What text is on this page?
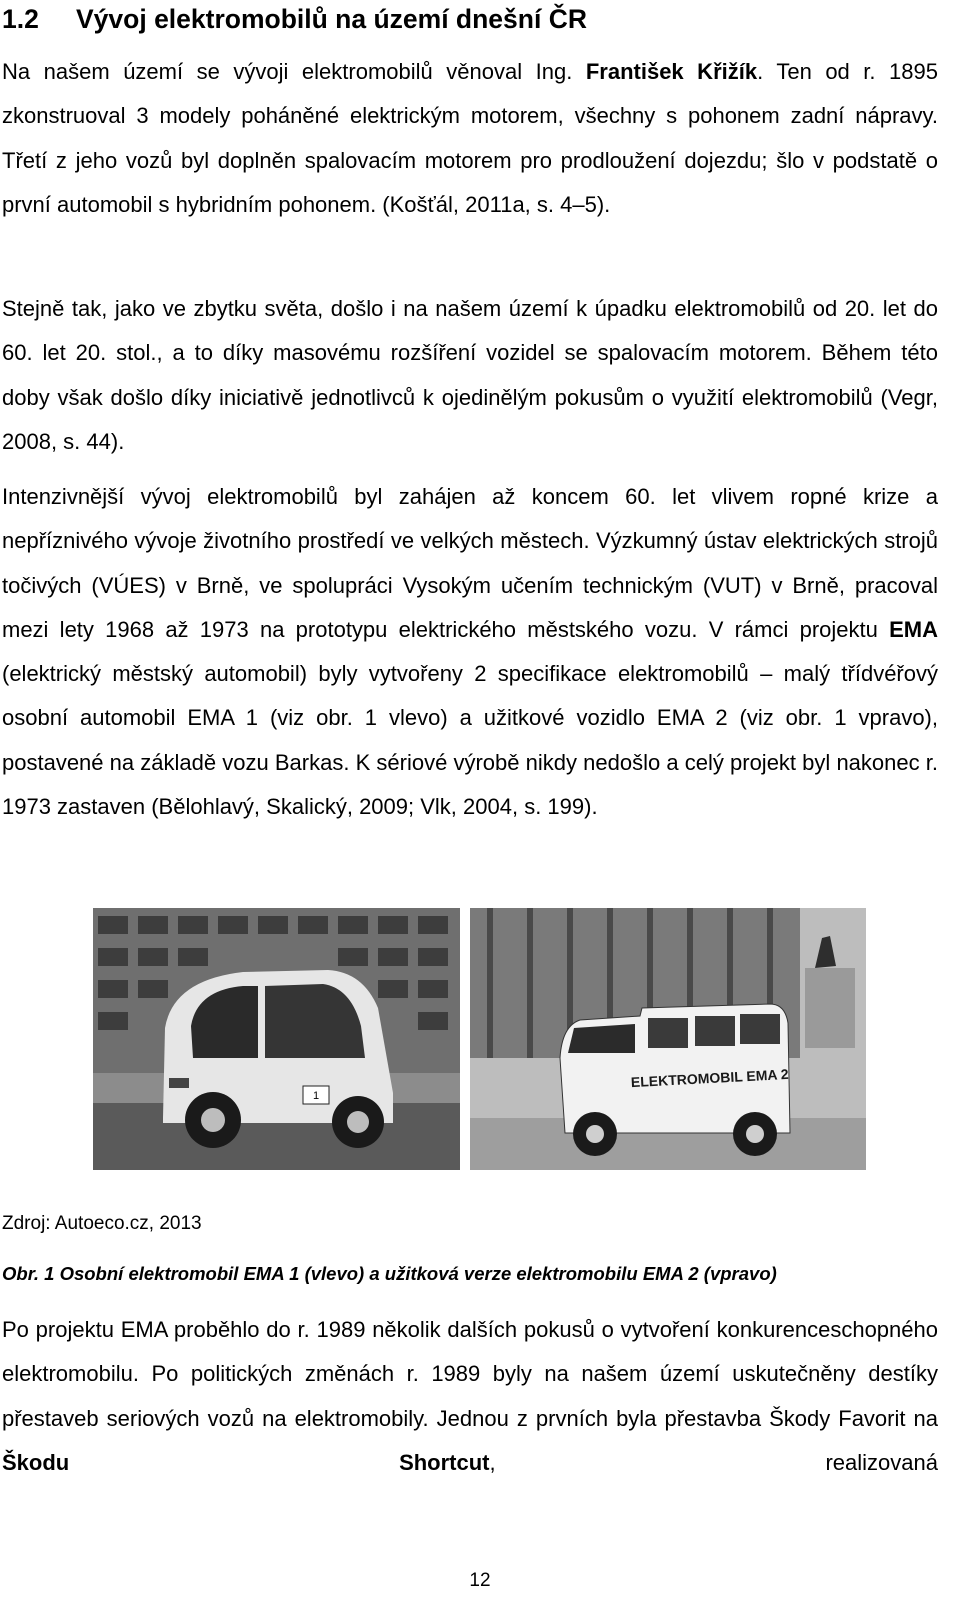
1.2 Vývoj elektromobilů na území dnešní ČR
Na našem území se vývoji elektromobilů věnoval Ing. František Křižík. Ten od r. 1895 zkonstruoval 3 modely poháněné elektrickým motorem, všechny s pohonem zadní nápravy. Třetí z jeho vozů byl doplněn spalovacím motorem pro prodloužení dojezdu; šlo v podstatě o první automobil s hybridním pohonem. (Košťál, 2011a, s. 4–5).
Stejně tak, jako ve zbytku světa, došlo i na našem území k úpadku elektromobilů od 20. let do 60. let 20. stol., a to díky masovému rozšíření vozidel se spalovacím motorem. Během této doby však došlo díky iniciativě jednotlivců k ojedinělým pokusům o využití elektromobilů (Vegr, 2008, s. 44).
Intenzivnější vývoj elektromobilů byl zahájen až koncem 60. let vlivem ropné krize a nepříznivého vývoje životního prostředí ve velkých městech. Výzkumný ústav elektrických strojů točivých (VÚES) v Brně, ve spolupráci Vysokým učením technickým (VUT) v Brně, pracoval mezi lety 1968 až 1973 na prototypu elektrického městského vozu. V rámci projektu EMA (elektrický městský automobil) byly vytvořeny 2 specifikace elektromobilů – malý třídvéřový osobní automobil EMA 1 (viz obr. 1 vlevo) a užitkové vozidlo EMA 2 (viz obr. 1 vpravo), postavené na základě vozu Barkas. K sériové výrobě nikdy nedošlo a celý projekt byl nakonec r. 1973 zastaven (Bělohlavý, Skalický, 2009; Vlk, 2004, s. 199).
1
ELEKTROMOBIL EMA 2
Zdroj: Autoeco.cz, 2013
Obr. 1 Osobní elektromobil EMA 1 (vlevo) a užitková verze elektromobilu EMA 2 (vpravo)
Po projektu EMA proběhlo do r. 1989 několik dalších pokusů o vytvoření konkurenceschopného elektromobilu. Po politických změnách r. 1989 byly na našem území uskutečněny destíky přestaveb seriových vozů na elektromobily. Jednou z prvních byla přestavba Škody Favorit na Škodu Shortcut, realizovaná
12
